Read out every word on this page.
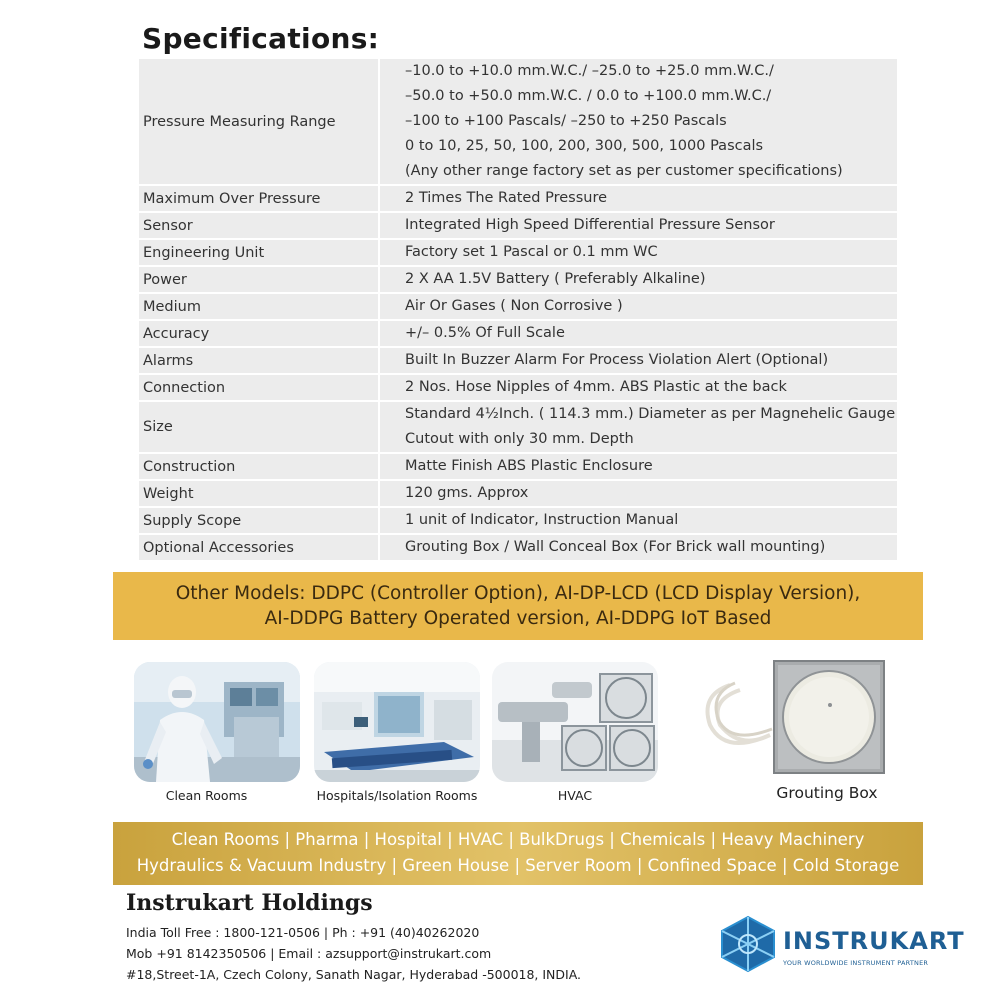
Specifications:
Pressure Measuring Range	–10.0 to +10.0 mm.W.C./ –25.0 to +25.0 mm.W.C./
–50.0 to +50.0 mm.W.C. / 0.0 to +100.0 mm.W.C./
–100 to +100 Pascals/ –250 to +250 Pascals
0 to 10, 25, 50, 100, 200, 300, 500, 1000 Pascals
(Any other range factory set as per customer specifications)

Maximum Over Pressure	2 Times The Rated Pressure

Sensor	Integrated High Speed Differential Pressure Sensor

Engineering Unit	Factory set 1 Pascal or 0.1 mm WC

Power	2 X AA 1.5V Battery ( Preferably Alkaline)

Medium	Air Or Gases ( Non Corrosive )

Accuracy	+/– 0.5% Of Full Scale

Alarms	Built In Buzzer Alarm For Process Violation Alert (Optional)

Connection	2 Nos. Hose Nipples of 4mm. ABS Plastic at the back

Size	Standard 4½Inch. ( 114.3 mm.) Diameter as per Magnehelic Gauge
Cutout with only 30 mm. Depth

Construction	Matte Finish ABS Plastic Enclosure

Weight	120 gms. Approx

Supply Scope	1 unit of Indicator, Instruction Manual

Optional Accessories	Grouting Box / Wall Conceal Box (For Brick wall mounting)
Other Models: DDPC (Controller Option), AI-DP-LCD (LCD Display Version),
AI-DDPG Battery Operated version, AI-DDPG IoT Based
Clean Rooms	Hospitals/Isolation Rooms	HVAC	Grouting Box
Clean Rooms | Pharma | Hospital | HVAC | BulkDrugs | Chemicals | Heavy Machinery
Hydraulics & Vacuum Industry | Green House | Server Room | Confined Space | Cold Storage
Instrukart Holdings
India Toll Free : 1800-121-0506 | Ph : +91 (40)40262020
Mob +91 8142350506 | Email : azsupport@instrukart.com
#18,Street-1A, Czech Colony, Sanath Nagar, Hyderabad -500018, INDIA.
INSTRUKART
YOUR WORLDWIDE INSTRUMENT PARTNER
